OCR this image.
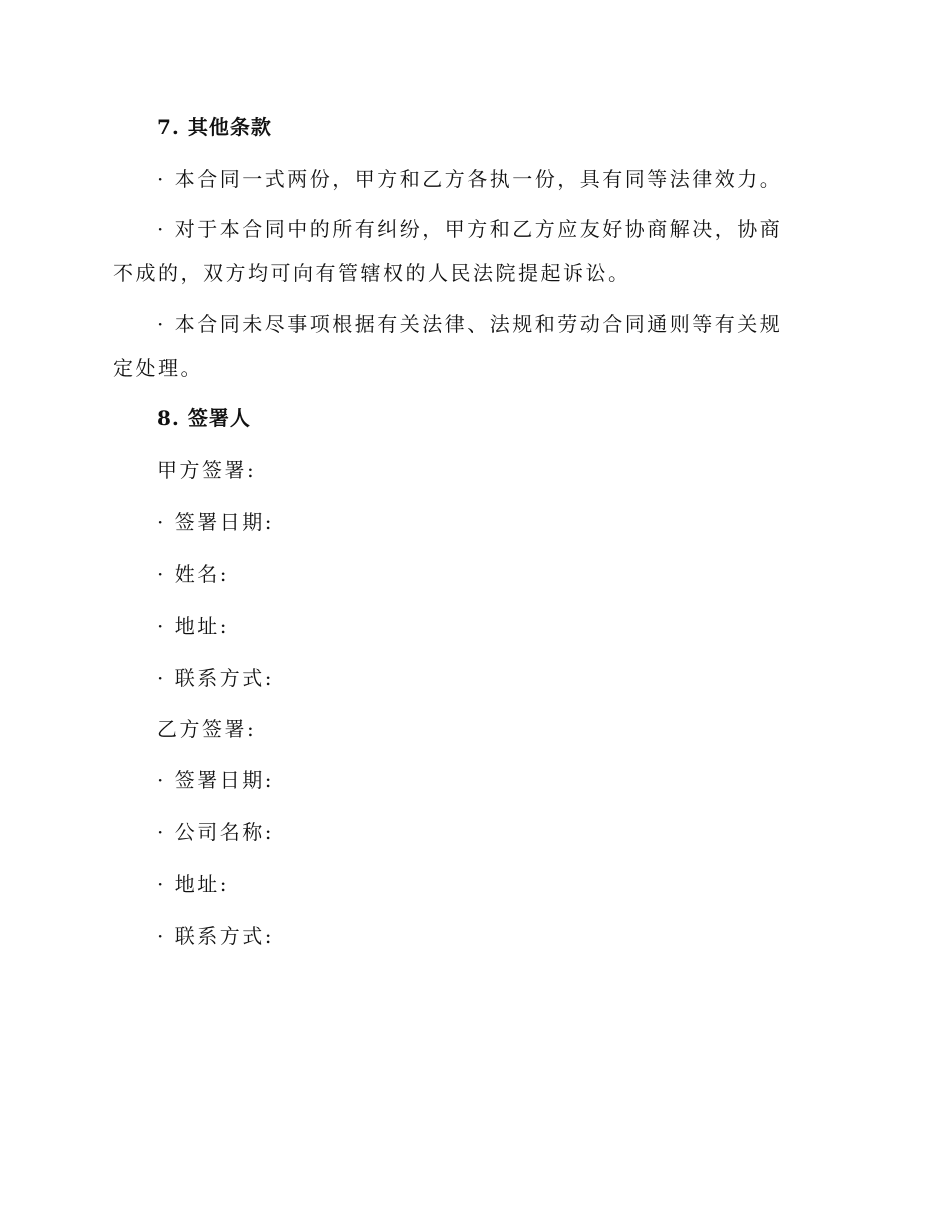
7. 其他条款
· 本合同一式两份，甲方和乙方各执一份，具有同等法律效力。
· 对于本合同中的所有纠纷，甲方和乙方应友好协商解决，协商不成的，双方均可向有管辖权的人民法院提起诉讼。
· 本合同未尽事项根据有关法律、法规和劳动合同通则等有关规定处理。
8. 签署人
甲方签署:
· 签署日期:
· 姓名:
· 地址:
· 联系方式:
乙方签署:
· 签署日期:
· 公司名称:
· 地址:
· 联系方式:
